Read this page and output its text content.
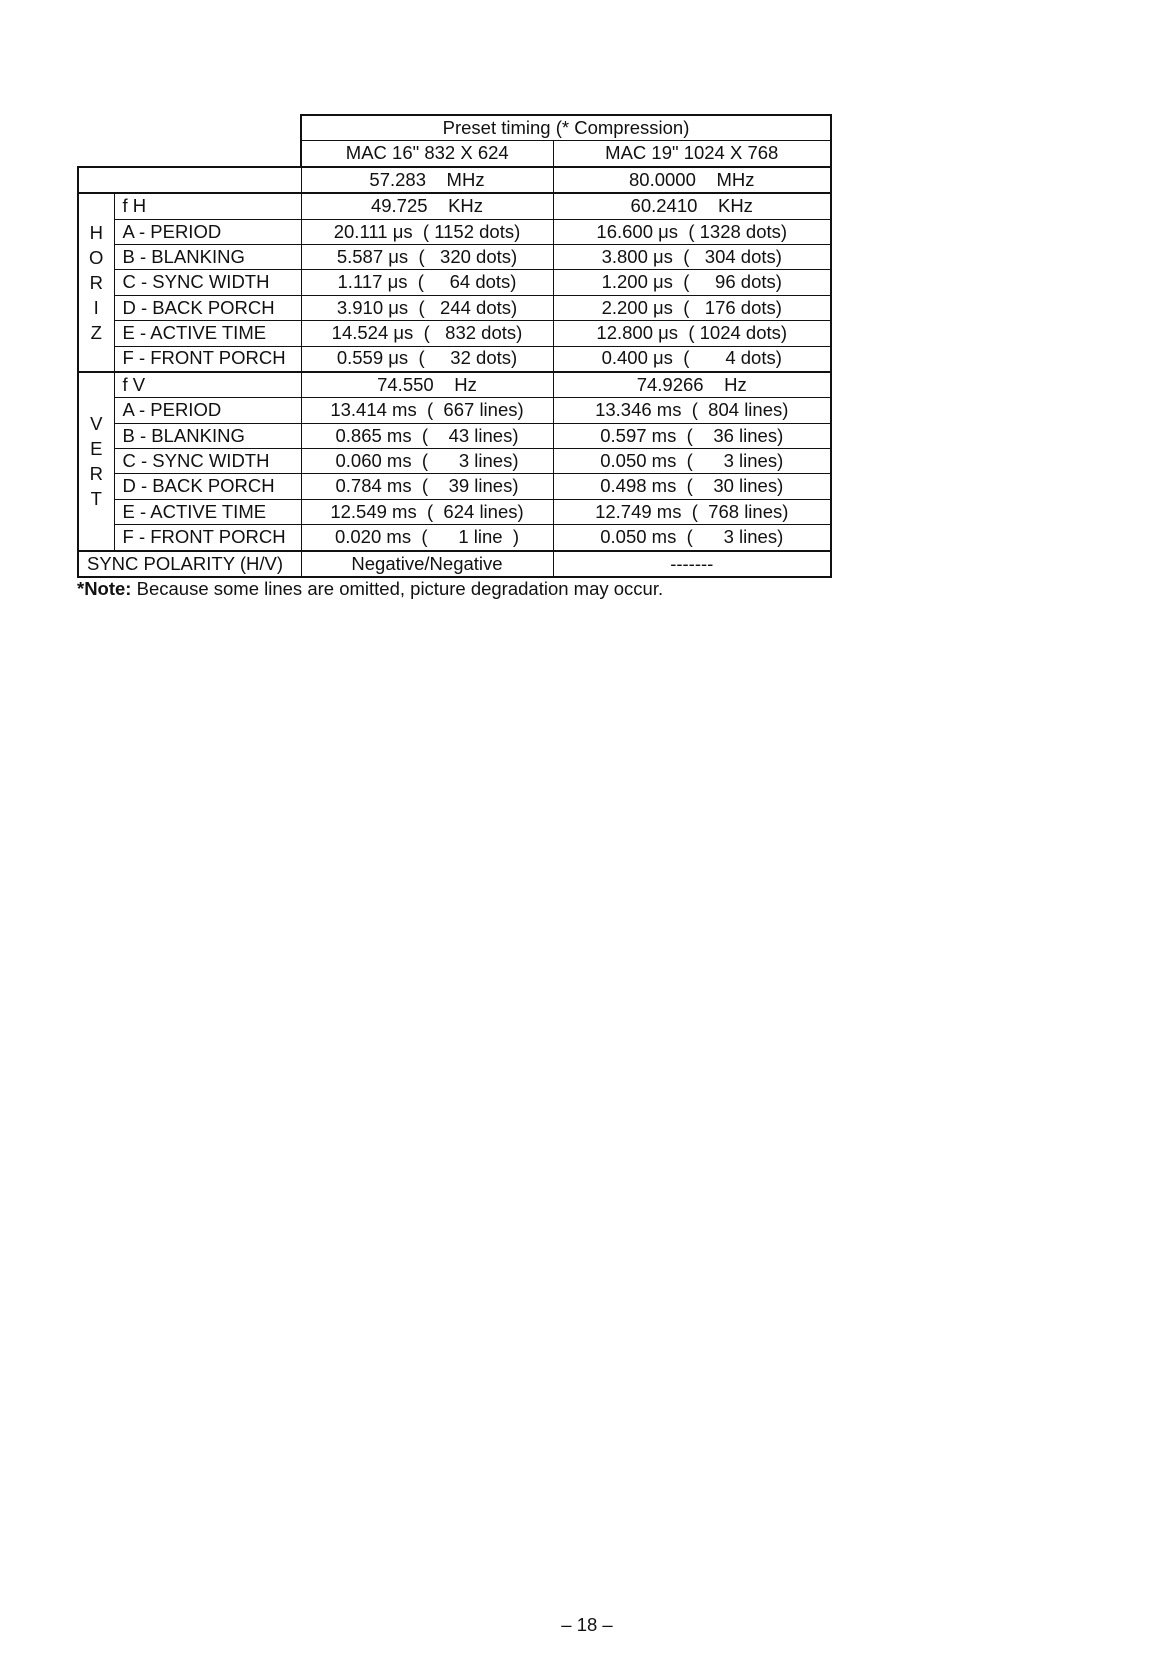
		Preset timing (* Compression)	
		MAC 16" 832 X 624	MAC 19" 1024 X 768
		57.283    MHz	80.0000    MHz

H
O
R
I
Z	f H	49.725    KHz	60.2410    KHz
	A - PERIOD	20.111 μs  ( 1152 dots)	16.600 μs  ( 1328 dots)
	B - BLANKING	5.587 μs  (   320 dots)	3.800 μs  (   304 dots)
	C - SYNC WIDTH	1.117 μs  (     64 dots)	1.200 μs  (     96 dots)
	D - BACK PORCH	3.910 μs  (   244 dots)	2.200 μs  (   176 dots)
	E - ACTIVE TIME	14.524 μs  (   832 dots)	12.800 μs  ( 1024 dots)
	F - FRONT PORCH	0.559 μs  (     32 dots)	0.400 μs  (       4 dots)

V
E
R
T	f V	74.550    Hz	74.9266    Hz
	A - PERIOD	13.414 ms  (  667 lines)	13.346 ms  (  804 lines)
	B - BLANKING	0.865 ms  (    43 lines)	0.597 ms  (    36 lines)
	C - SYNC WIDTH	0.060 ms  (      3 lines)	0.050 ms  (      3 lines)
	D - BACK PORCH	0.784 ms  (    39 lines)	0.498 ms  (    30 lines)
	E - ACTIVE TIME	12.549 ms  (  624 lines)	12.749 ms  (  768 lines)
	F - FRONT PORCH	0.020 ms  (      1 line  )	0.050 ms  (      3 lines)
SYNC POLARITY (H/V)		Negative/Negative	-------
*Note: Because some lines are omitted, picture degradation may occur.
– 18 –
